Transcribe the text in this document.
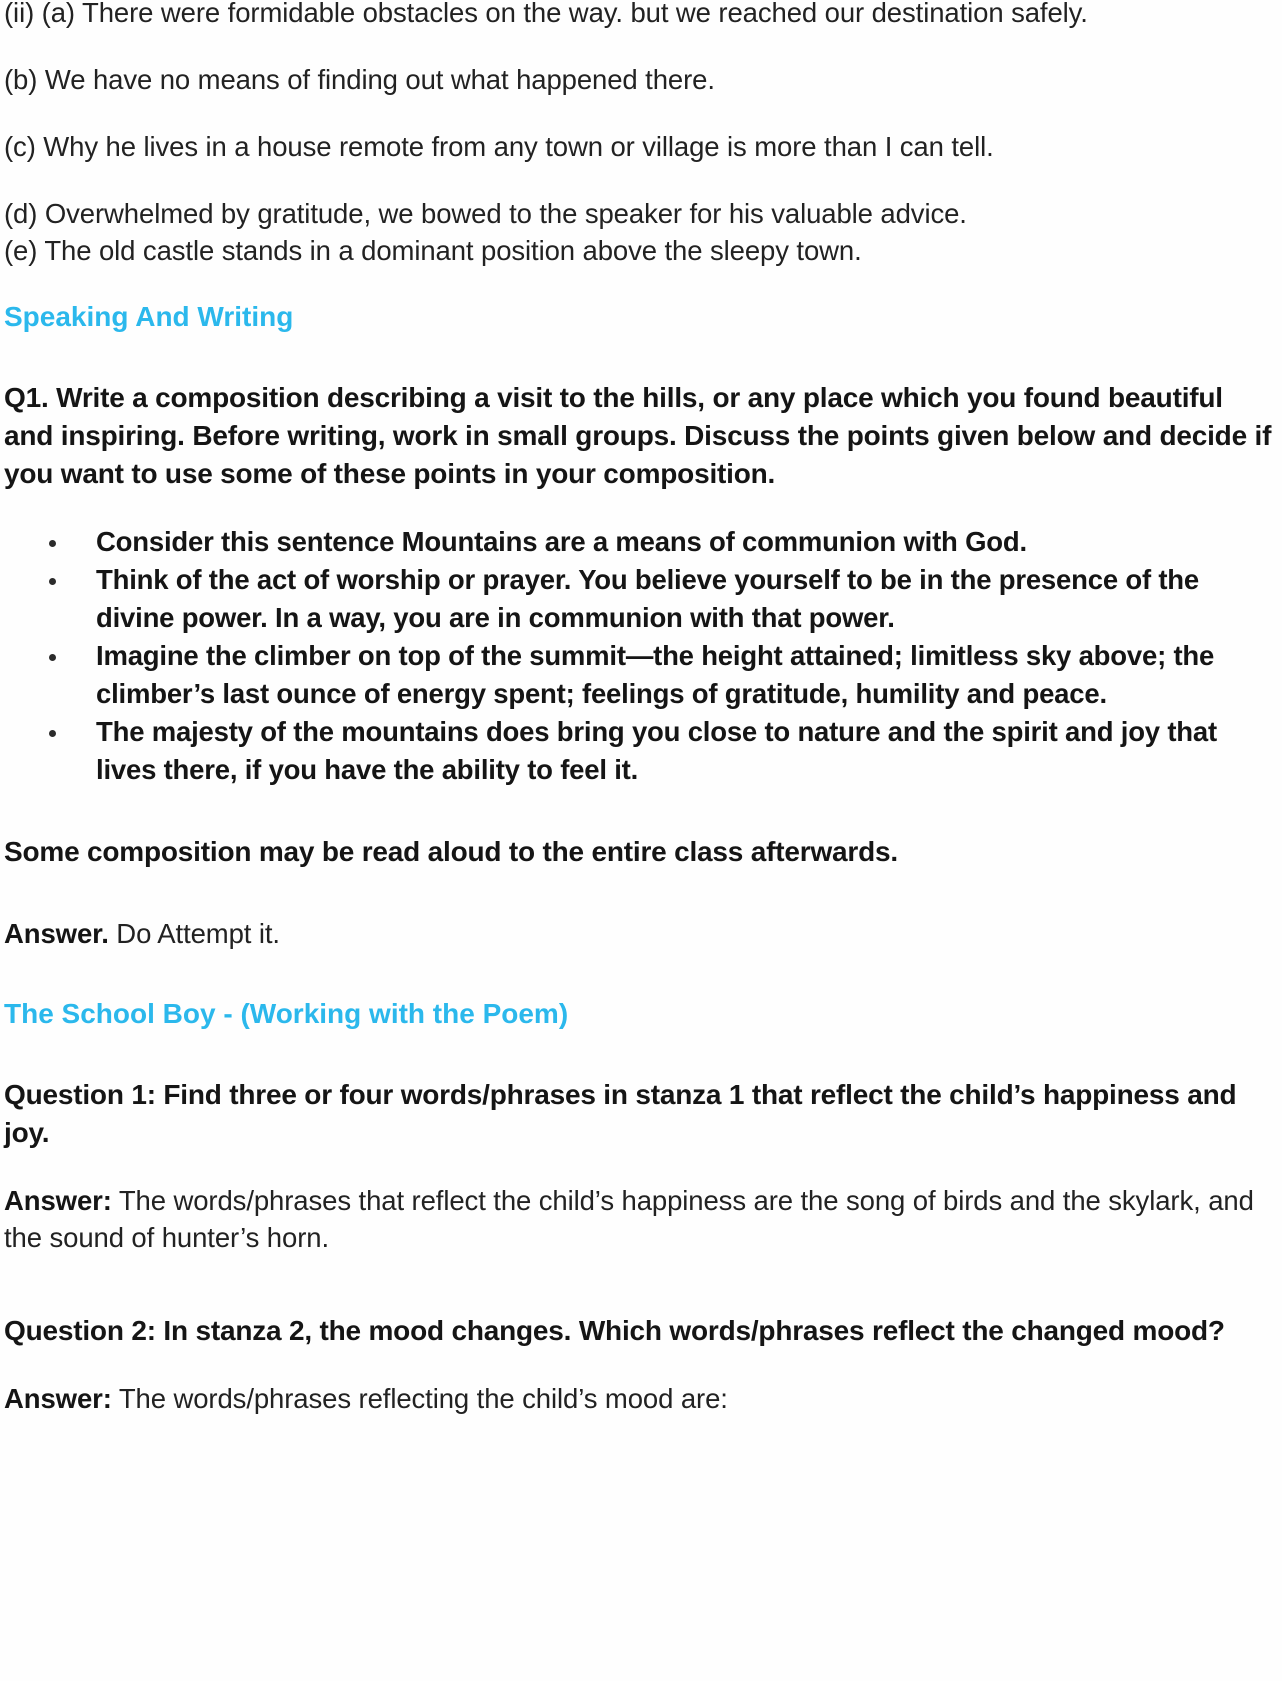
(ii) (a) There were formidable obstacles on the way. but we reached our destination safely.

(b) We have no means of finding out what happened there.

(c) Why he lives in a house remote from any town or village is more than I can tell.

(d) Overwhelmed by gratitude, we bowed to the speaker for his valuable advice.

(e) The old castle stands in a dominant position above the sleepy town.

Speaking And Writing

Q1. Write a composition describing a visit to the hills, or any place which you found beautiful and inspiring. Before writing, work in small groups. Discuss the points given below and decide if you want to use some of these points in your composition.

Consider this sentence Mountains are a means of communion with God.
Think of the act of worship or prayer. You believe yourself to be in the presence of the divine power. In a way, you are in communion with that power.
Imagine the climber on top of the summit—the height attained; limitless sky above; the climber’s last ounce of energy spent; feelings of gratitude, humility and peace.
The majesty of the mountains does bring you close to nature and the spirit and joy that lives there, if you have the ability to feel it.

Some composition may be read aloud to the entire class afterwards.

Answer. Do Attempt it.

The School Boy - (Working with the Poem)

Question 1: Find three or four words/phrases in stanza 1 that reflect the child’s happiness and joy.

Answer: The words/phrases that reflect the child’s happiness are the song of birds and the skylark, and the sound of hunter’s horn.

Question 2: In stanza 2, the mood changes. Which words/phrases reflect the changed mood?

Answer: The words/phrases reflecting the child’s mood are:
